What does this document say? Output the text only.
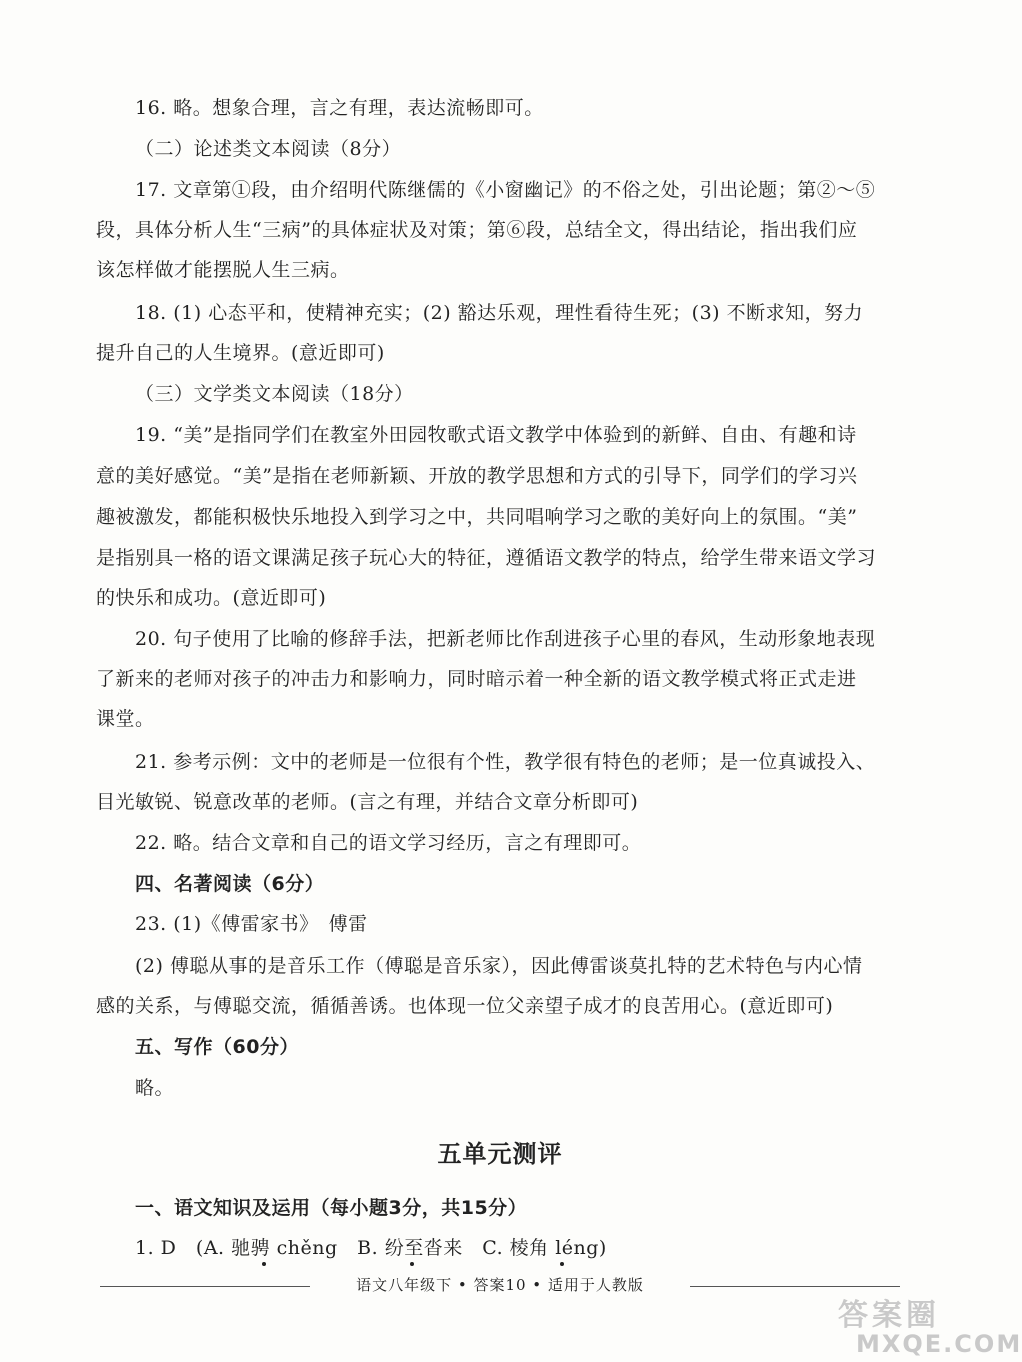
16. 略。想象合理，言之有理，表达流畅即可。
（二）论述类文本阅读（8分）
17. 文章第①段，由介绍明代陈继儒的《小窗幽记》的不俗之处，引出论题；第②～⑤
段，具体分析人生“三病”的具体症状及对策；第⑥段，总结全文，得出结论，指出我们应
该怎样做才能摆脱人生三病。
18. (1) 心态平和，使精神充实；(2) 豁达乐观，理性看待生死；(3) 不断求知，努力
提升自己的人生境界。(意近即可)
（三）文学类文本阅读（18分）
19. “美”是指同学们在教室外田园牧歌式语文教学中体验到的新鲜、自由、有趣和诗
意的美好感觉。“美”是指在老师新颖、开放的教学思想和方式的引导下，同学们的学习兴
趣被激发，都能积极快乐地投入到学习之中，共同唱响学习之歌的美好向上的氛围。“美”
是指别具一格的语文课满足孩子玩心大的特征，遵循语文教学的特点，给学生带来语文学习
的快乐和成功。(意近即可)
20. 句子使用了比喻的修辞手法，把新老师比作刮进孩子心里的春风，生动形象地表现
了新来的老师对孩子的冲击力和影响力，同时暗示着一种全新的语文教学模式将正式走进
课堂。
21. 参考示例：文中的老师是一位很有个性，教学很有特色的老师；是一位真诚投入、
目光敏锐、锐意改革的老师。(言之有理，并结合文章分析即可)
22. 略。结合文章和自己的语文学习经历，言之有理即可。
四、名著阅读（6分）
23. (1)《傅雷家书》　傅雷
(2) 傅聪从事的是音乐工作（傅聪是音乐家），因此傅雷谈莫扎特的艺术特色与内心情
感的关系，与傅聪交流，循循善诱。也体现一位父亲望子成才的良苦用心。(意近即可)
五、写作（60分）
略。
五单元测评
一、语文知识及运用（每小题3分，共15分）
1. D　(A. 驰骋 chěng　B. 纷至沓来　C. 棱角 léng)
语文八年级下 • 答案10 • 适用于人教版
答案圈
MXQE.COM
